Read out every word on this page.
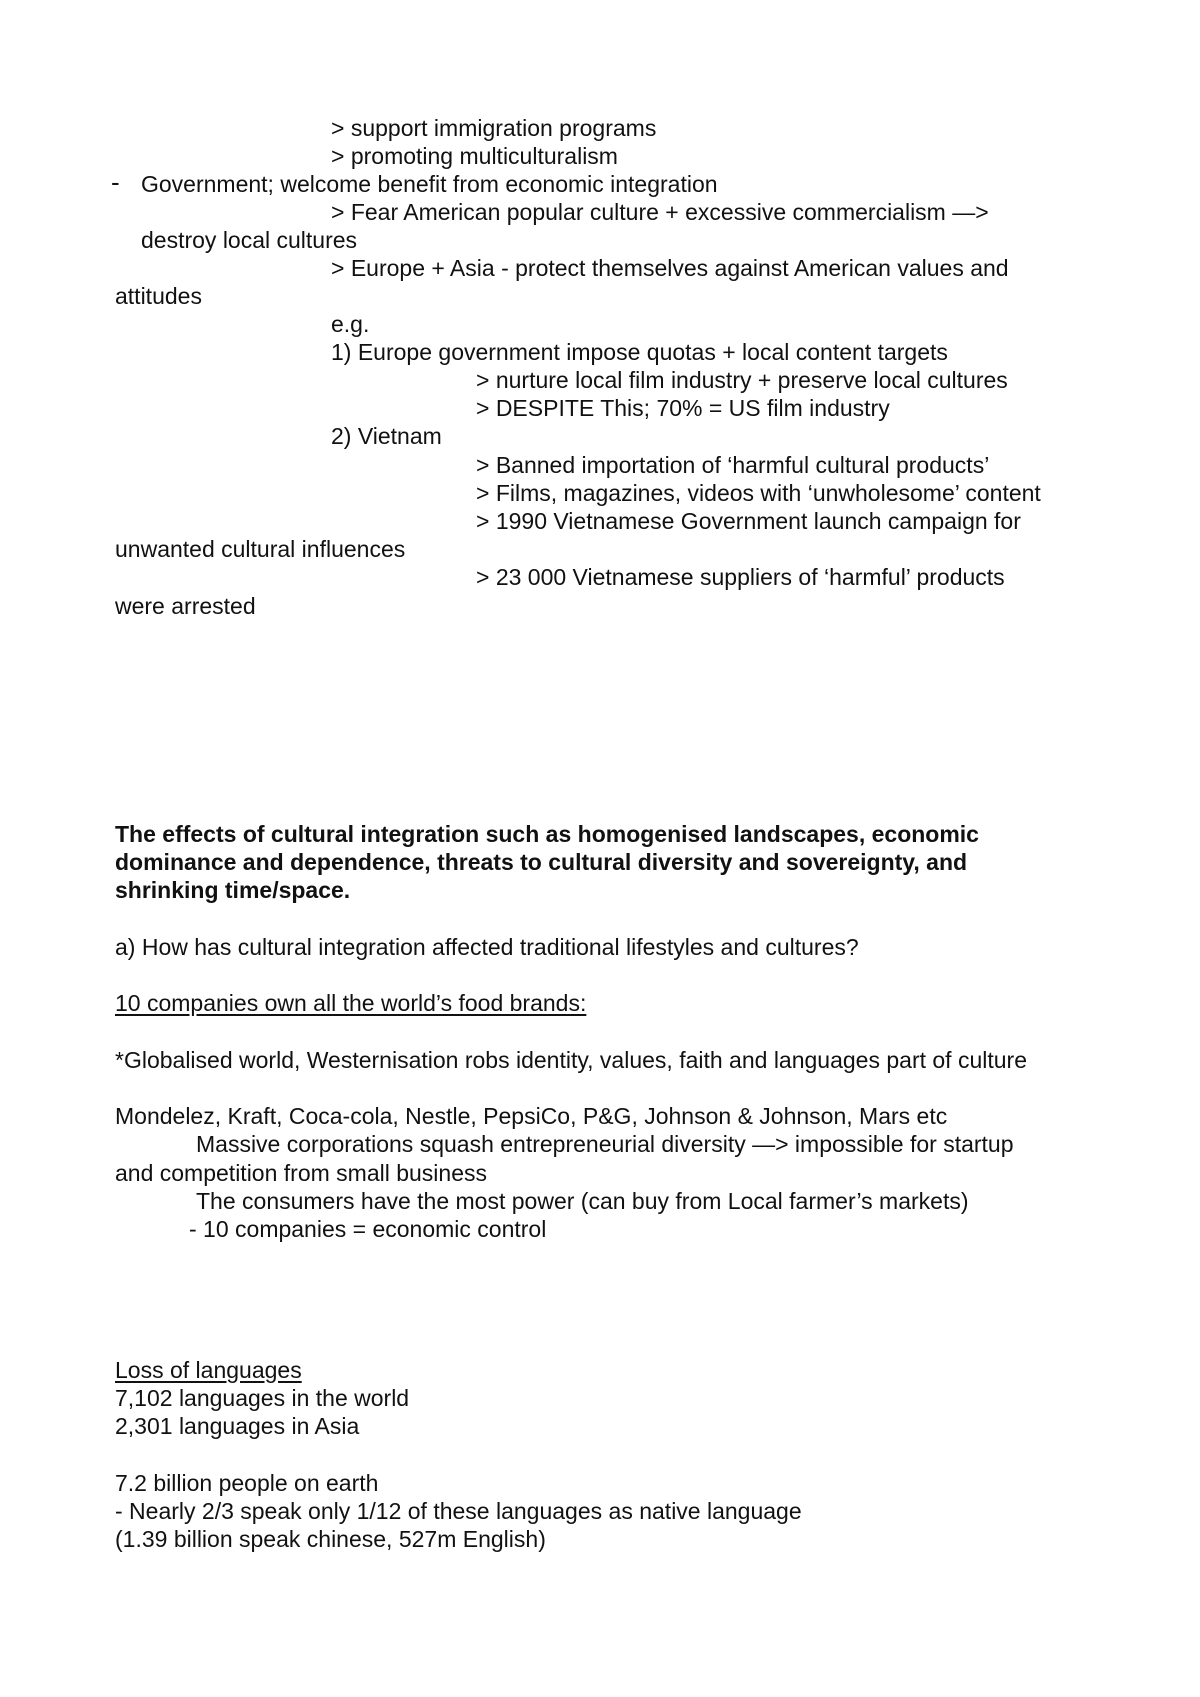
> support immigration programs

> promoting multiculturalism

- Government; welcome benefit from economic integration

> Fear American popular culture + excessive commercialism —>

destroy local cultures

> Europe + Asia - protect themselves against American values and

attitudes

e.g.

1) Europe government impose quotas + local content targets

> nurture local film industry + preserve local cultures

> DESPITE This; 70% = US film industry

2) Vietnam

> Banned importation of ‘harmful cultural products’

> Films, magazines, videos with ‘unwholesome’ content

> 1990 Vietnamese Government launch campaign for

unwanted cultural influences

> 23 000 Vietnamese suppliers of ‘harmful’ products

were arrested

The effects of cultural integration such as homogenised landscapes, economic

dominance and dependence, threats to cultural diversity and sovereignty, and

shrinking time/space.

a) How has cultural integration affected traditional lifestyles and cultures?

10 companies own all the world’s food brands:

*Globalised world, Westernisation robs identity, values, faith and languages part of culture

Mondelez, Kraft, Coca-cola, Nestle, PepsiCo, P&G, Johnson & Johnson, Mars etc

Massive corporations squash entrepreneurial diversity —> impossible for startup

and competition from small business

The consumers have the most power (can buy from Local farmer’s markets)

- 10 companies = economic control

Loss of languages

7,102 languages in the world

2,301 languages in Asia

7.2 billion people on earth

- Nearly 2/3 speak only 1/12 of these languages as native language

(1.39 billion speak chinese, 527m English)
